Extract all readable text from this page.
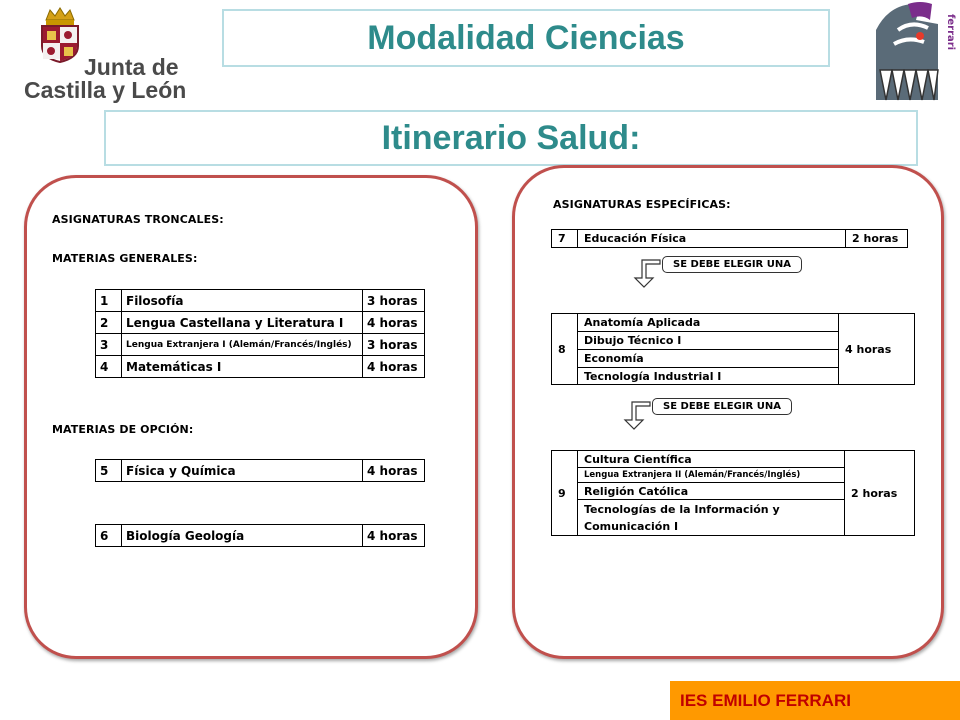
Junta de
Castilla y León
ferrari
Modalidad Ciencias
Itinerario Salud:
ASIGNATURAS TRONCALES:
MATERIAS GENERALES:
1	Filosofía	3 horas
2	Lengua Castellana y Literatura I	4 horas
3	Lengua Extranjera I (Alemán/Francés/Inglés)	3 horas
4	Matemáticas I	4 horas
MATERIAS DE OPCIÓN:
5	Física y Química	4 horas
6	Biología Geología	4 horas
ASIGNATURAS ESPECÍFICAS:
7	Educación Física	2 horas
SE DEBE ELEGIR UNA
8	Anatomía Aplicada	4 horas
Dibujo Técnico I
Economía
Tecnología Industrial I
SE DEBE ELEGIR UNA
9	Cultura Científica	2 horas
Lengua Extranjera II (Alemán/Francés/Inglés)
Religión Católica
Tecnologías de la Información y
Comunicación I
IES EMILIO FERRARI
